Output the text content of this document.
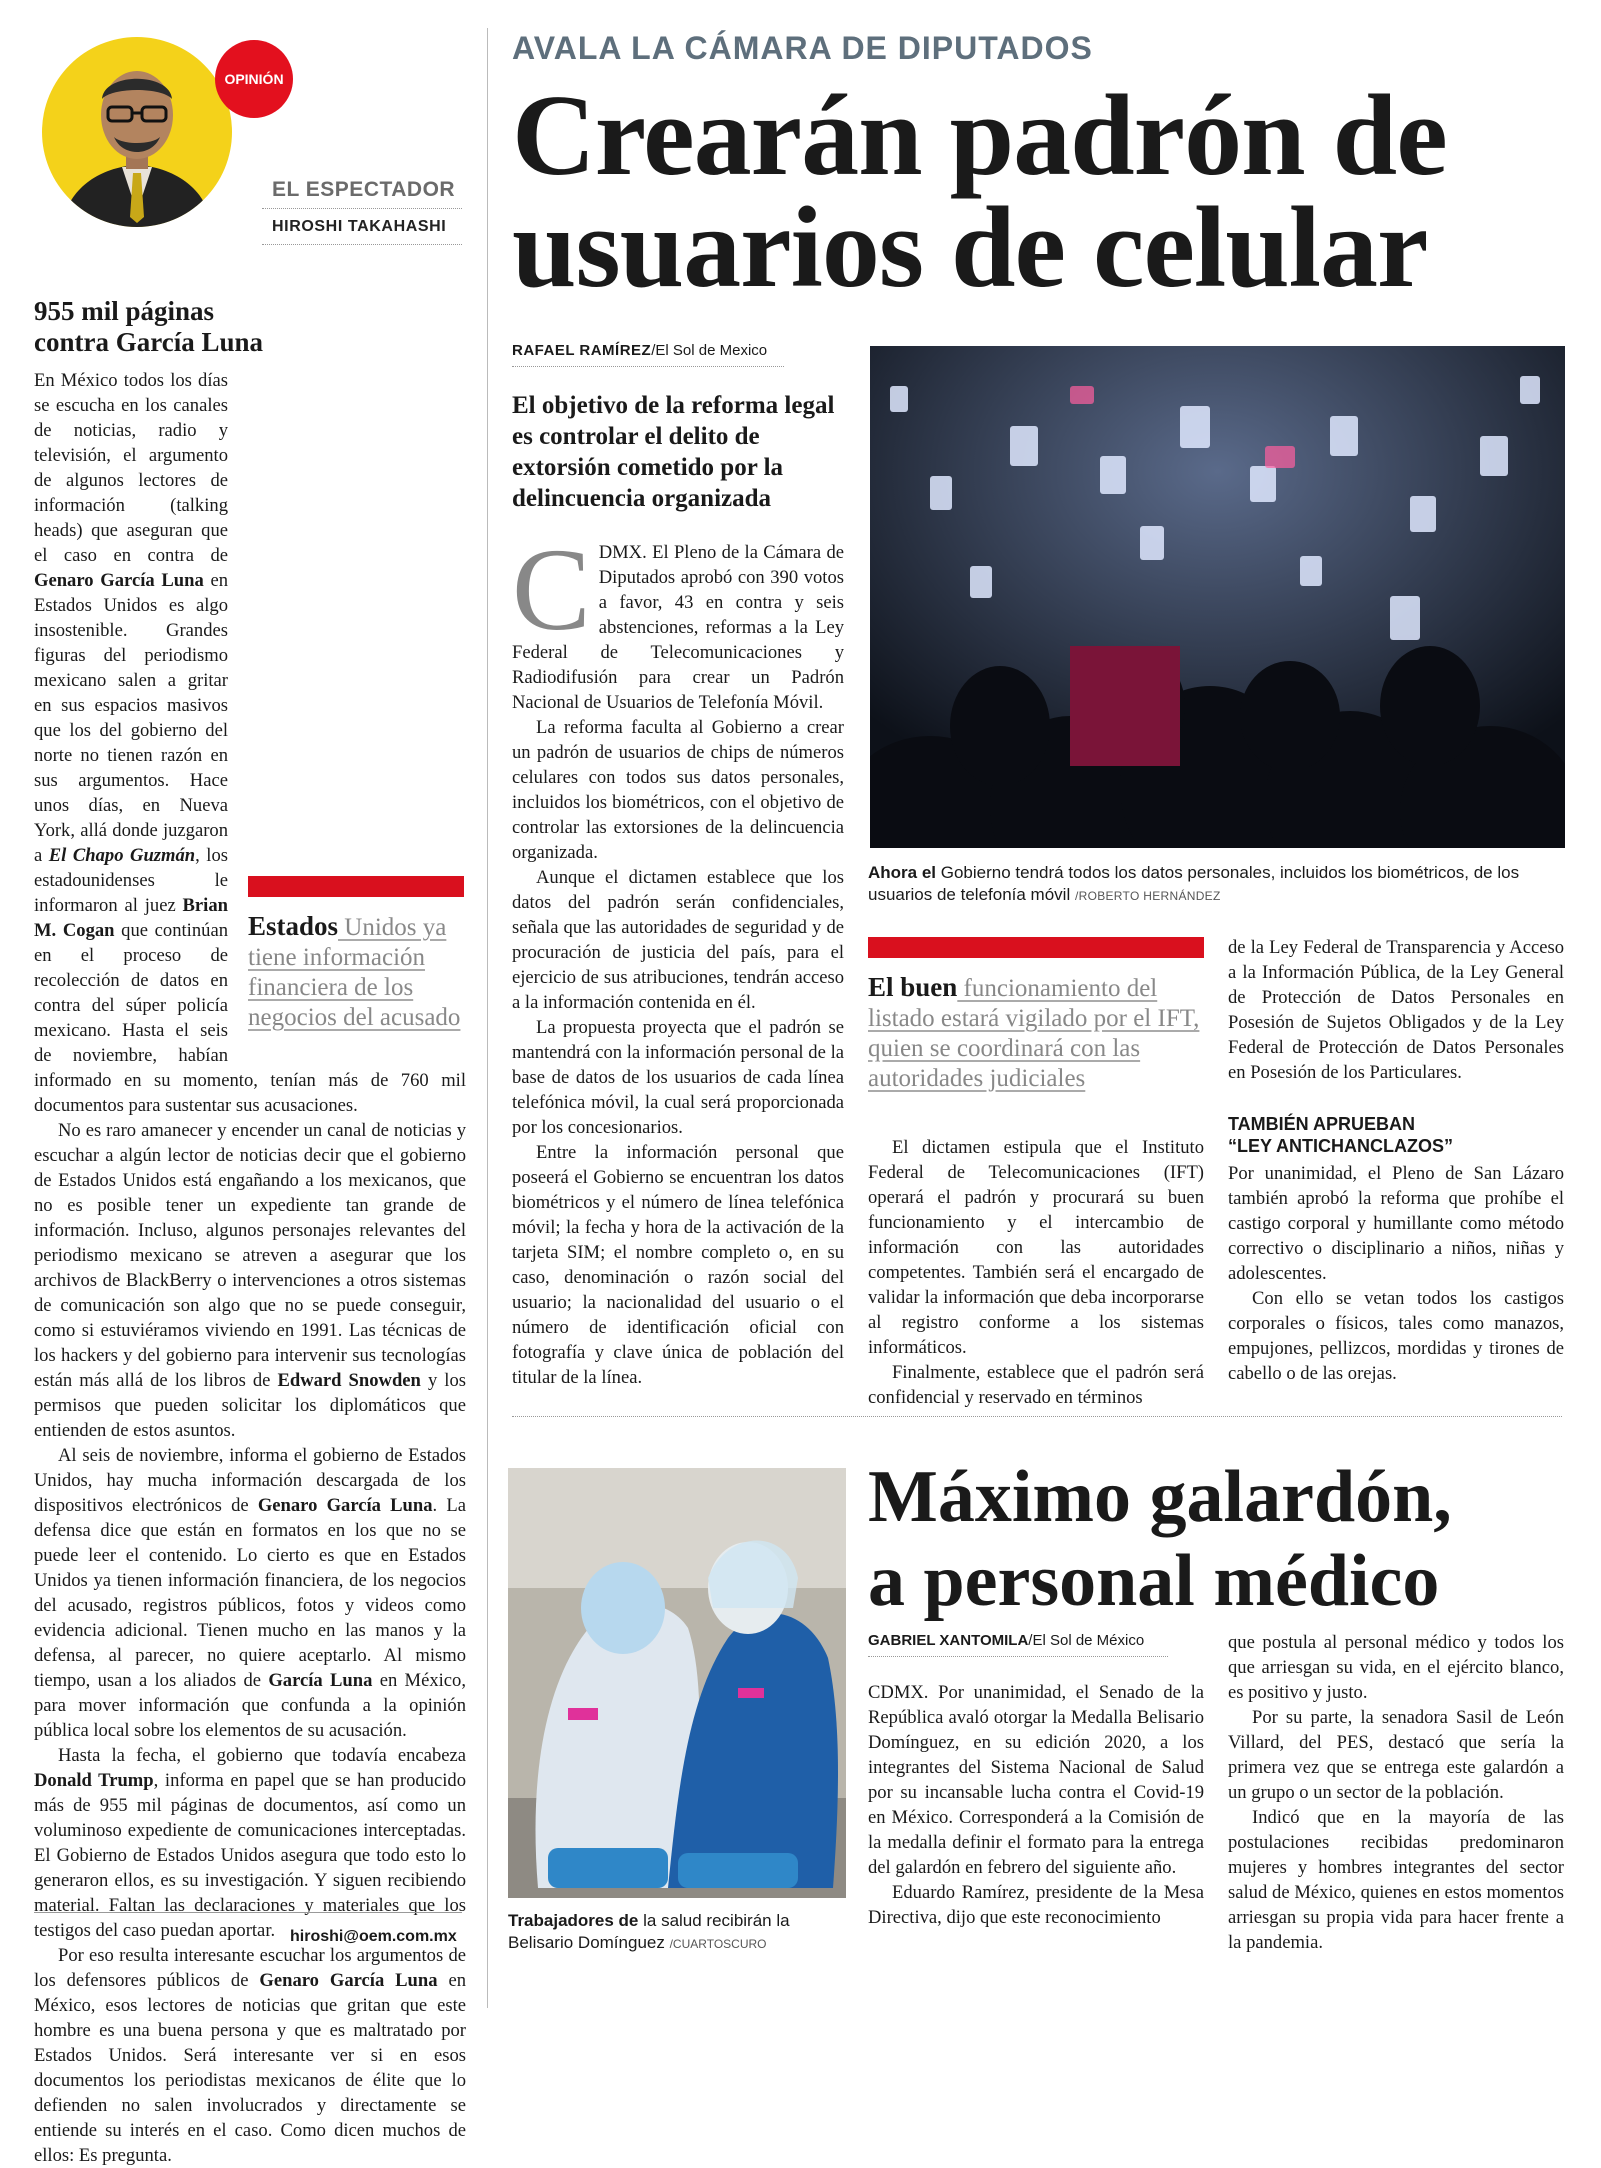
OPINIÓN
EL ESPECTADOR
HIROSHI TAKAHASHI
955 mil páginas
contra García Luna

En México todos los días se escucha en los canales de noticias, radio y televisión, el argumento de algunos lectores de información (talking heads) que aseguran que el caso en contra de Genaro García Luna en Estados Unidos es algo insostenible. Grandes figuras del periodismo mexicano salen a gritar en sus espacios masivos que los del gobierno del norte no tienen razón en sus argumentos. Hace unos días, en Nueva York, allá donde juzgaron a El Chapo Guzmán, los estadounidenses le informaron al juez Brian M. Cogan que continúan en el proceso de recolección de datos en contra del súper policía mexicano. Hasta el seis de noviembre, habían informado en su momento, tenían más de 760 mil documentos para sustentar sus acusaciones.

No es raro amanecer y encender un canal de noticias y escuchar a algún lector de noticias decir que el gobierno de Estados Unidos está engañando a los mexicanos, que no es posible tener un expediente tan grande de información. Incluso, algunos personajes relevantes del periodismo mexicano se atreven a asegurar que los archivos de BlackBerry o intervenciones a otros sistemas de comunicación son algo que no se puede conseguir, como si estuviéramos viviendo en 1991. Las técnicas de los hackers y del gobierno para intervenir sus tecnologías están más allá de los libros de Edward Snowden y los permisos que pueden solicitar los diplomáticos que entienden de estos asuntos.

Al seis de noviembre, informa el gobierno de Estados Unidos, hay mucha información descargada de los dispositivos electrónicos de Genaro García Luna. La defensa dice que están en formatos en los que no se puede leer el contenido. Lo cierto es que en Estados Unidos ya tienen información financiera, de los negocios del acusado, registros públicos, fotos y videos como evidencia adicional. Tienen mucho en las manos y la defensa, al parecer, no quiere aceptarlo. Al mismo tiempo, usan a los aliados de García Luna en México, para mover información que confunda a la opinión pública local sobre los elementos de su acusación.

Hasta la fecha, el gobierno que todavía encabeza Donald Trump, informa en papel que se han producido más de 955 mil páginas de documentos, así como un voluminoso expediente de comunicaciones interceptadas. El Gobierno de Estados Unidos asegura que todo esto lo generaron ellos, es su investigación. Y siguen recibiendo material. Faltan las declaraciones y materiales que los testigos del caso puedan aportar.

Por eso resulta interesante escuchar los argumentos de los defensores públicos de Genaro García Luna en México, esos lectores de noticias que gritan que este hombre es una buena persona y que es maltratado por Estados Unidos. Será interesante ver si en esos documentos los periodistas mexicanos de élite que lo defienden no salen involucrados y directamente se entiende su interés en el caso. Como dicen muchos de ellos: Es pregunta.

Estados Unidos ya tiene información financiera de los negocios del acusado
hiroshi@oem.com.mx
AVALA LA CÁMARA DE DIPUTADOS
Crearán padrón de
usuarios de celular
RAFAEL RAMÍREZ/El Sol de Mexico
El objetivo de la reforma legal es controlar el delito de extorsión cometido por la delincuencia organizada
C DMX. El Pleno de la Cámara de Diputados aprobó con 390 votos a favor, 43 en contra y seis abstenciones, reformas a la Ley Federal de Telecomunicaciones y Radiodifusión para crear un Padrón Nacional de Usuarios de Telefonía Móvil.

La reforma faculta al Gobierno a crear un padrón de usuarios de chips de números celulares con todos sus datos personales, incluidos los biométricos, con el objetivo de controlar las extorsiones de la delincuencia organizada.

Aunque el dictamen establece que los datos del padrón serán confidenciales, señala que las autoridades de seguridad y de procuración de justicia del país, para el ejercicio de sus atribuciones, tendrán acceso a la información contenida en él.

La propuesta proyecta que el padrón se mantendrá con la información personal de la base de datos de los usuarios de cada línea telefónica móvil, la cual será proporcionada por los concesionarios.

Entre la información personal que poseerá el Gobierno se encuentran los datos biométricos y el número de línea telefónica móvil; la fecha y hora de la activación de la tarjeta SIM; el nombre completo o, en su caso, denominación o razón social del usuario; la nacionalidad del usuario o el número de identificación oficial con fotografía y clave única de población del titular de la línea.

Ahora el Gobierno tendrá todos los datos personales, incluidos los biométricos, de los usuarios de telefonía móvil /ROBERTO HERNÁNDEZ
El buen funcionamiento del listado estará vigilado por el IFT, quien se coordinará con las autoridades judiciales

El dictamen estipula que el Instituto Federal de Telecomunicaciones (IFT) operará el padrón y procurará su buen funcionamiento y el intercambio de información con las autoridades competentes. También será el encargado de validar la información que deba incorporarse al registro conforme a los sistemas informáticos.

Finalmente, establece que el padrón será confidencial y reservado en términos

de la Ley Federal de Transparencia y Acceso a la Información Pública, de la Ley General de Protección de Datos Personales en Posesión de Sujetos Obligados y de la Ley Federal de Protección de Datos Personales en Posesión de los Particulares.

TAMBIÉN APRUEBAN
“LEY ANTICHANCLAZOS”

Por unanimidad, el Pleno de San Lázaro también aprobó la reforma que prohíbe el castigo corporal y humillante como método correctivo o disciplinario a niños, niñas y adolescentes.

Con ello se vetan todos los castigos corporales o físicos, tales como manazos, empujones, pellizcos, mordidas y tirones de cabello o de las orejas.

Trabajadores de la salud recibirán la Belisario Domínguez /CUARTOSCURO
Máximo galardón,
a personal médico
GABRIEL XANTOMILA/El Sol de México

CDMX. Por unanimidad, el Senado de la República avaló otorgar la Medalla Belisario Domínguez, en su edición 2020, a los integrantes del Sistema Nacional de Salud por su incansable lucha contra el Covid-19 en México. Corresponderá a la Comisión de la medalla definir el formato para la entrega del galardón en febrero del siguiente año.

Eduardo Ramírez, presidente de la Mesa Directiva, dijo que este reconocimiento

que postula al personal médico y todos los que arriesgan su vida, en el ejército blanco, es positivo y justo.

Por su parte, la senadora Sasil de León Villard, del PES, destacó que sería la primera vez que se entrega este galardón a un grupo o un sector de la población.

Indicó que en la mayoría de las postulaciones recibidas predominaron mujeres y hombres integrantes del sector salud de México, quienes en estos momentos arriesgan su propia vida para hacer frente a la pandemia.
